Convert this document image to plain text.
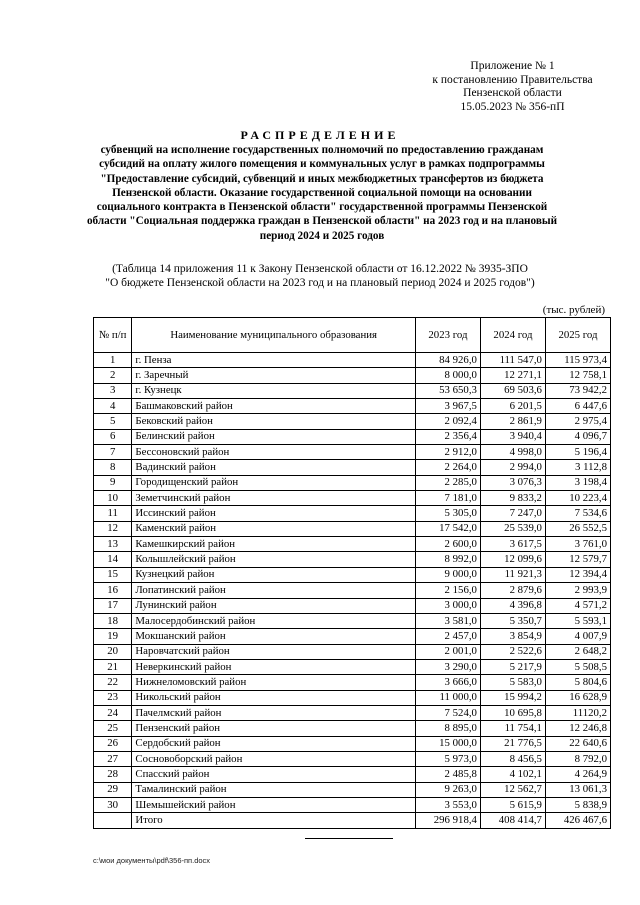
Приложение № 1
к постановлению Правительства
Пензенской области
15.05.2023 № 356-пП
РАСПРЕДЕЛЕНИЕ
субвенций на исполнение государственных полномочий по предоставлению гражданам субсидий на оплату жилого помещения и коммунальных услуг в рамках подпрограммы "Предоставление субсидий, субвенций и иных межбюджетных трансфертов из бюджета Пензенской области. Оказание государственной социальной помощи на основании социального контракта в Пензенской области" государственной программы Пензенской области "Социальная поддержка граждан в Пензенской области" на 2023 год и на плановый период 2024 и 2025 годов
(Таблица 14 приложения 11 к Закону Пензенской области от 16.12.2022 № 3935-ЗПО
"О бюджете Пензенской области на 2023 год и на плановый период 2024 и 2025 годов")
(тыс. рублей)
№ п/п	Наименование муниципального образования	2023 год	2024 год	2025 год
1	г. Пенза	84 926,0	111 547,0	115 973,4
2	г. Заречный	8 000,0	12 271,1	12 758,1
3	г. Кузнецк	53 650,3	69 503,6	73 942,2
4	Башмаковский район	3 967,5	6 201,5	6 447,6
5	Бековский район	2 092,4	2 861,9	2 975,4
6	Белинский район	2 356,4	3 940,4	4 096,7
7	Бессоновский район	2 912,0	4 998,0	5 196,4
8	Вадинский район	2 264,0	2 994,0	3 112,8
9	Городищенский район	2 285,0	3 076,3	3 198,4
10	Земетчинский район	7 181,0	9 833,2	10 223,4
11	Иссинский район	5 305,0	7 247,0	7 534,6
12	Каменский район	17 542,0	25 539,0	26 552,5
13	Камешкирский район	2 600,0	3 617,5	3 761,0
14	Колышлейский район	8 992,0	12 099,6	12 579,7
15	Кузнецкий район	9 000,0	11 921,3	12 394,4
16	Лопатинский район	2 156,0	2 879,6	2 993,9
17	Лунинский район	3 000,0	4 396,8	4 571,2
18	Малосердобинский район	3 581,0	5 350,7	5 593,1
19	Мокшанский район	2 457,0	3 854,9	4 007,9
20	Наровчатский район	2 001,0	2 522,6	2 648,2
21	Неверкинский район	3 290,0	5 217,9	5 508,5
22	Нижнеломовский район	3 666,0	5 583,0	5 804,6
23	Никольский район	11 000,0	15 994,2	16 628,9
24	Пачелмский район	7 524,0	10 695,8	11120,2
25	Пензенский район	8 895,0	11 754,1	12 246,8
26	Сердобский район	15 000,0	21 776,5	22 640,6
27	Сосновоборский район	5 973,0	8 456,5	8 792,0
28	Спасский район	2 485,8	4 102,1	4 264,9
29	Тамалинский район	9 263,0	12 562,7	13 061,3
30	Шемышейский район	3 553,0	5 615,9	5 838,9
	Итого	296 918,4	408 414,7	426 467,6
c:\мои документы\pdf\356-пп.docx
